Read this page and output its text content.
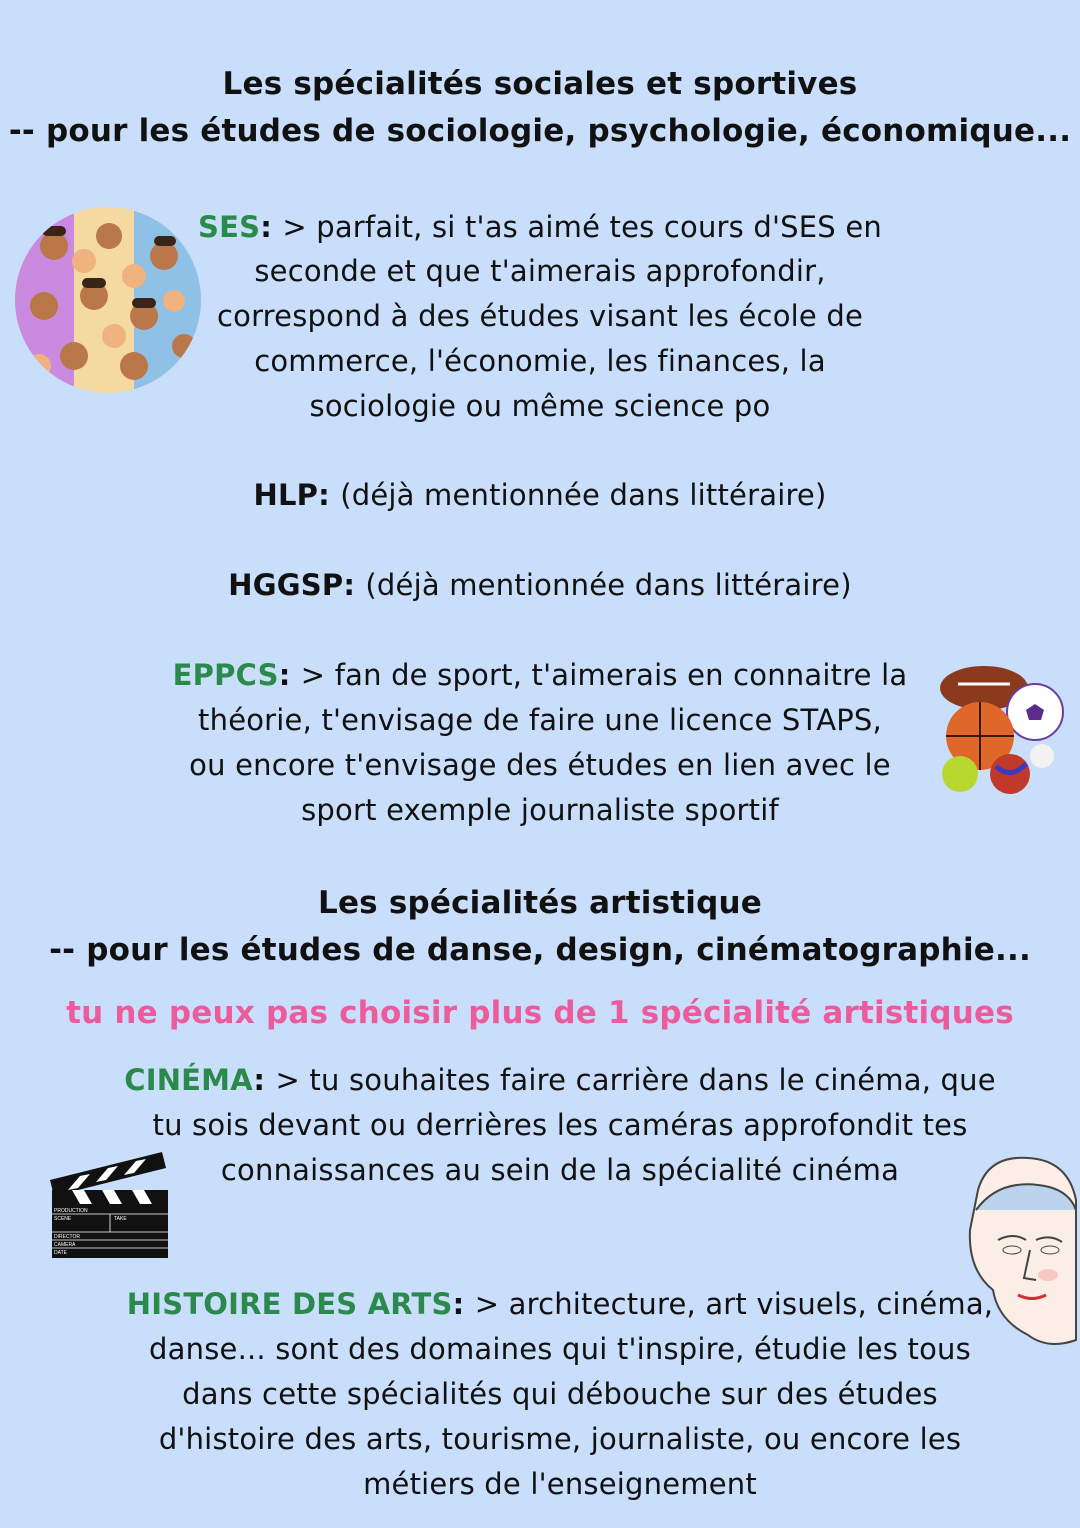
PRODUCTION
SCENE	TAKE
DIRECTOR
CAMERA
DATE
Les spécialités sociales et sportives
-- pour les études de sociologie, psychologie, économique...
SES: > parfait, si t'as aimé tes cours d'SES en
seconde et que t'aimerais approfondir,
correspond à des études visant les école de
commerce, l'économie, les finances, la
sociologie ou même science po
HLP: (déjà mentionnée dans littéraire)
HGGSP: (déjà mentionnée dans littéraire)
EPPCS: > fan de sport, t'aimerais en connaitre la
théorie, t'envisage de faire une licence STAPS,
ou encore t'envisage des études en lien avec le
sport exemple journaliste sportif
Les spécialités artistique
-- pour les études de danse, design, cinématographie...
tu ne peux pas choisir plus de 1 spécialité artistiques
CINÉMA: > tu souhaites faire carrière dans le cinéma, que
tu sois devant ou derrières les caméras approfondit tes
connaissances au sein de la spécialité cinéma
HISTOIRE DES ARTS: > architecture, art visuels, cinéma,
danse... sont des domaines qui t'inspire, étudie les tous
dans cette spécialités qui débouche sur des études
d'histoire des arts, tourisme, journaliste, ou encore les
métiers de l'enseignement
